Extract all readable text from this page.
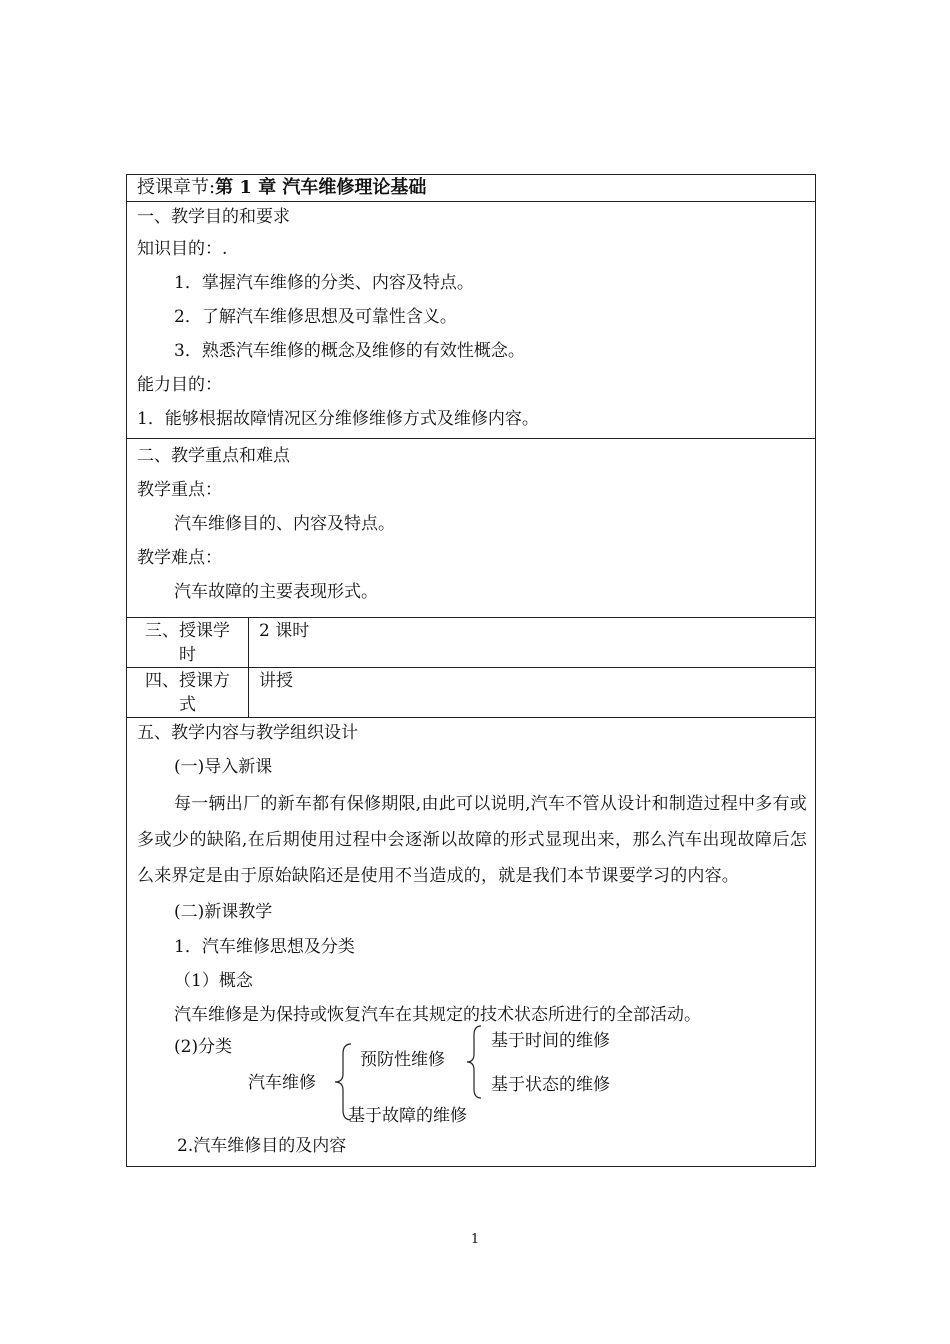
授课章节:第 1 章 汽车维修理论基础
一、教学目的和要求
知识目的：.
1．掌握汽车维修的分类、内容及特点。
2．了解汽车维修思想及可靠性含义。
3．熟悉汽车维修的概念及维修的有效性概念。
能力目的：
1．能够根据故障情况区分维修维修方式及维修内容。
二、教学重点和难点
教学重点：
汽车维修目的、内容及特点。
教学难点：
汽车故障的主要表现形式。
三、授课学
时
2 课时
四、授课方
式
讲授
五、教学内容与教学组织设计
(一)导入新课
每一辆出厂的新车都有保修期限,由此可以说明,汽车不管从设计和制造过程中多有或多或少的缺陷,在后期使用过程中会逐渐以故障的形式显现出来，那么汽车出现故障后怎么来界定是由于原始缺陷还是使用不当造成的，就是我们本节课要学习的内容。
(二)新课教学
1．汽车维修思想及分类
（1）概念
汽车维修是为保持或恢复汽车在其规定的技术状态所进行的全部活动。
(2)分类
汽车维修
预防性维修
基于时间的维修
基于状态的维修
基于故障的维修
2.汽车维修目的及内容
1
